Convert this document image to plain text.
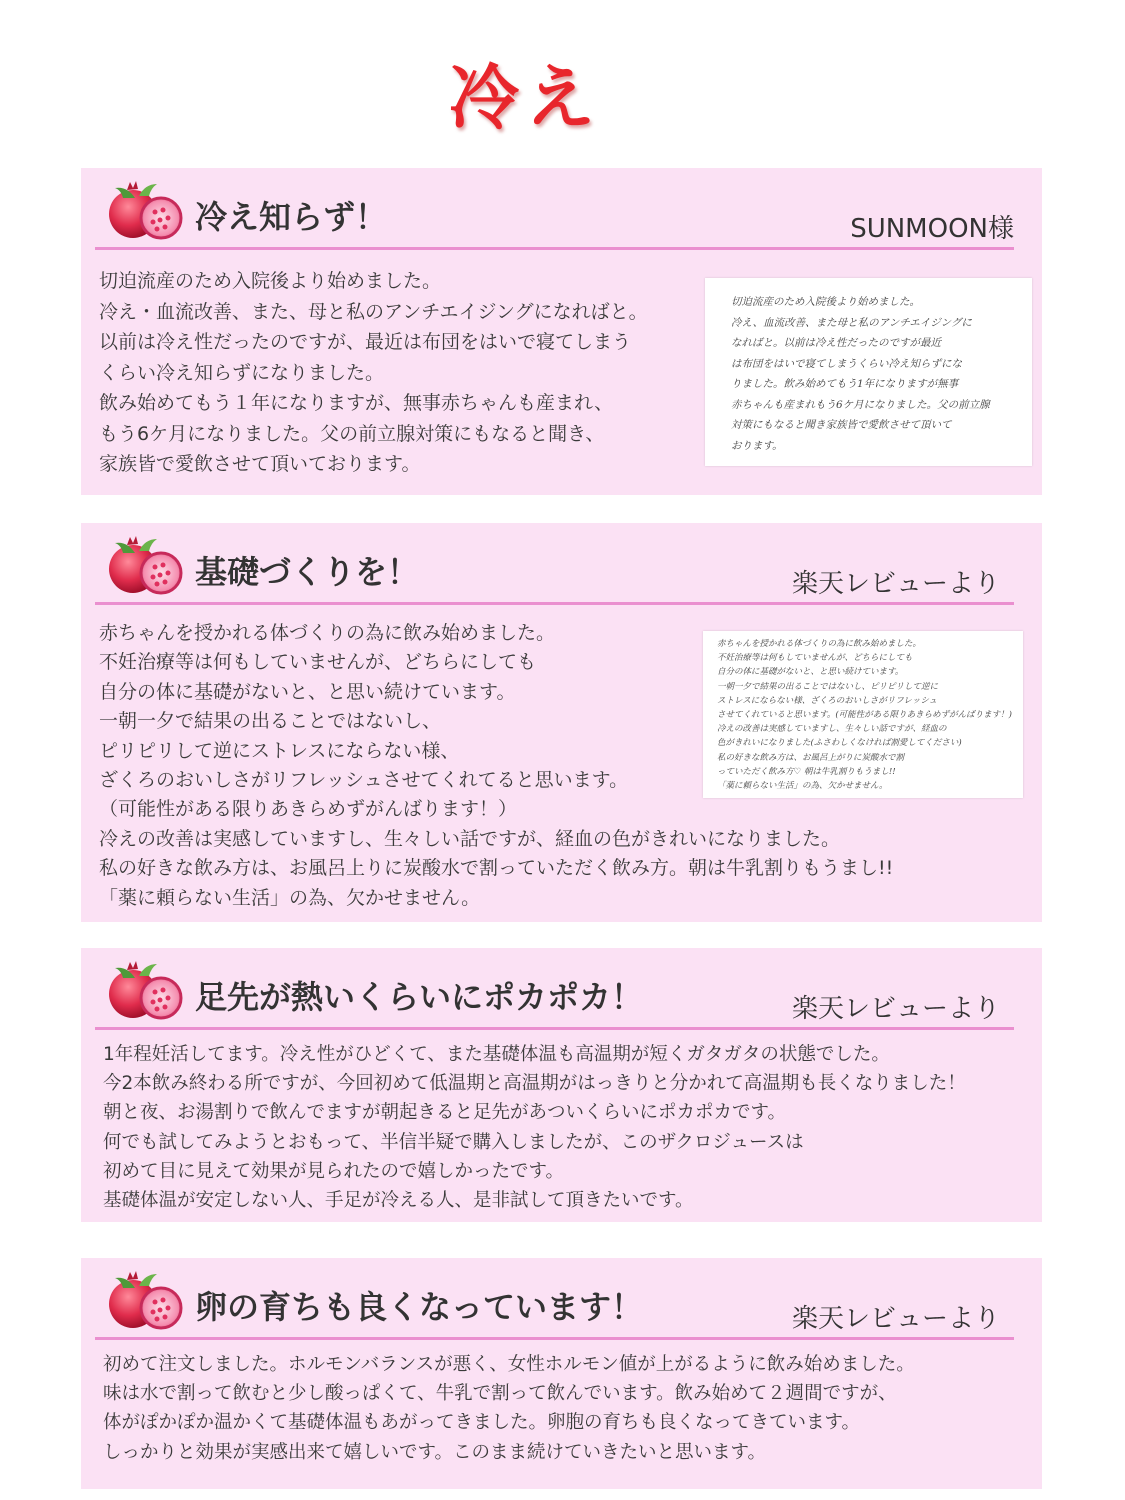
冷え
冷え知らず！	SUNMOON様
切迫流産のため入院後より始めました。
冷え・血流改善、また、母と私のアンチエイジングになればと。
以前は冷え性だったのですが、最近は布団をはいで寝てしまう
くらい冷え知らずになりました。
飲み始めてもう１年になりますが、無事赤ちゃんも産まれ、
もう6ケ月になりました。父の前立腺対策にもなると聞き、
家族皆で愛飲させて頂いております。
切迫流産のため入院後より始めました。
冷え、血流改善、また母と私のアンチエイジングに
なればと。以前は冷え性だったのですが最近
は布団をはいで寝てしまうくらい冷え知らずにな
りました。飲み始めてもう1年になりますが無事
赤ちゃんも産まれもう6ケ月になりました。父の前立腺
対策にもなると聞き家族皆で愛飲させて頂いて
おります。
基礎づくりを！	楽天レビューより
赤ちゃんを授かれる体づくりの為に飲み始めました。
不妊治療等は何もしていませんが、どちらにしても
自分の体に基礎がないと、と思い続けています。
一朝一夕で結果の出ることではないし、
ピリピリして逆にストレスにならない様、
ざくろのおいしさがリフレッシュさせてくれてると思います。
（可能性がある限りあきらめずがんばります！）
冷えの改善は実感していますし、生々しい話ですが、経血の色がきれいになりました。
私の好きな飲み方は、お風呂上りに炭酸水で割っていただく飲み方。朝は牛乳割りもうまし!!
「薬に頼らない生活」の為、欠かせません。
赤ちゃんを授かれる体づくりの為に飲み始めました。
不妊治療等は何もしていませんが、どちらにしても
自分の体に基礎がないと、と思い続けています。
一朝一夕で結果の出ることではないし、ピリピリして逆に
ストレスにならない様、ざくろのおいしさがリフレッシュ
させてくれていると思います。(可能性がある限りあきらめずがんばります！)
冷えの改善は実感していますし、生々しい話ですが、経血の
色がきれいになりました(ふさわしくなければ割愛してください)
私の好きな飲み方は、お風呂上がりに炭酸水で割
っていただく飲み方♡ 朝は牛乳割りもうまし!!
「薬に頼らない生活」の為、欠かせません。
足先が熱いくらいにポカポカ！	楽天レビューより
1年程妊活してます。冷え性がひどくて、また基礎体温も高温期が短くガタガタの状態でした。
今2本飲み終わる所ですが、今回初めて低温期と高温期がはっきりと分かれて高温期も長くなりました！
朝と夜、お湯割りで飲んでますが朝起きると足先があついくらいにポカポカです。
何でも試してみようとおもって、半信半疑で購入しましたが、このザクロジュースは
初めて目に見えて効果が見られたので嬉しかったです。
基礎体温が安定しない人、手足が冷える人、是非試して頂きたいです。
卵の育ちも良くなっています！	楽天レビューより
初めて注文しました。ホルモンバランスが悪く、女性ホルモン値が上がるように飲み始めました。
味は水で割って飲むと少し酸っぱくて、牛乳で割って飲んでいます。飲み始めて２週間ですが、
体がぽかぽか温かくて基礎体温もあがってきました。卵胞の育ちも良くなってきています。
しっかりと効果が実感出来て嬉しいです。このまま続けていきたいと思います。
